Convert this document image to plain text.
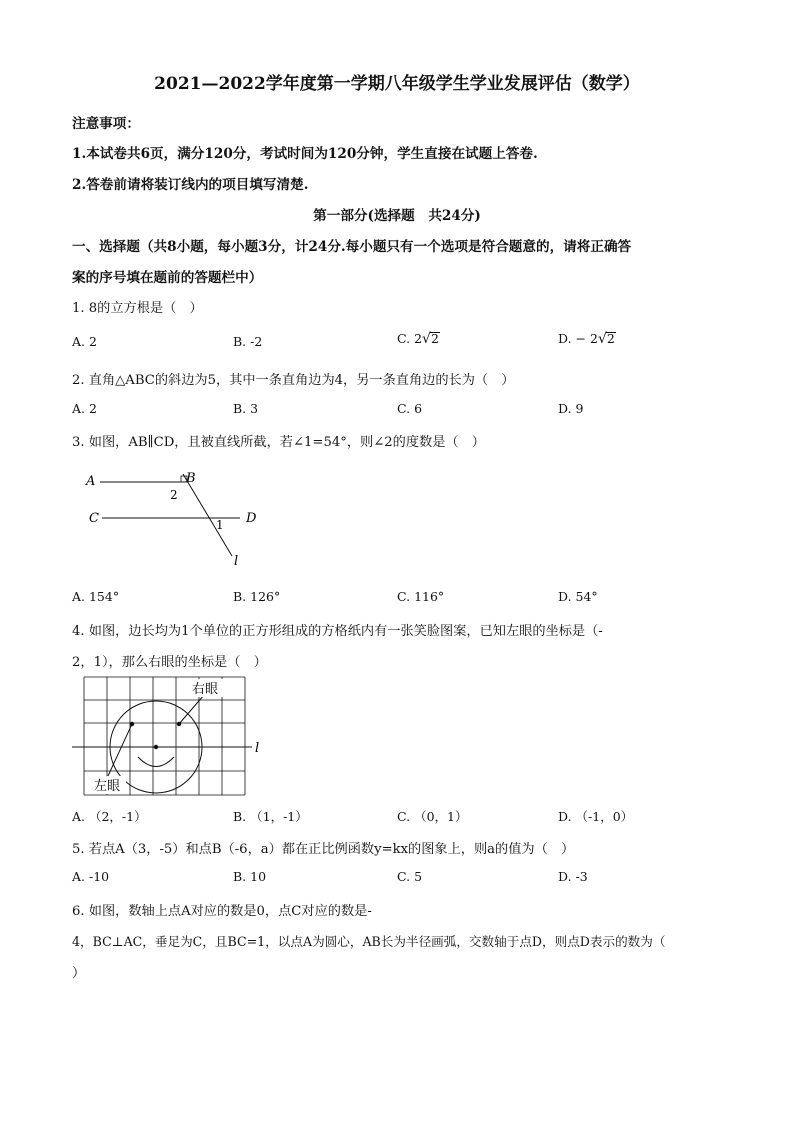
2021—2022学年度第一学期八年级学生学业发展评估（数学）
注意事项：
1.本试卷共6页，满分120分，考试时间为120分钟，学生直接在试题上答卷.
2.答卷前请将装订线内的项目填写清楚.
第一部分(选择题　共24分)
一、选择题（共8小题，每小题3分，计24分.每小题只有一个选项是符合题意的，请将正确答
案的序号填在题前的答题栏中）
1. 8的立方根是（　）
A. 2	B. -2	C. 2√2	D. − 2√2
2. 直角△ABC的斜边为5，其中一条直角边为4，另一条直角边的长为（　）
A. 2	B. 3	C. 6	D. 9
3. 如图，AB∥CD，且被直线所截，若∠1=54°，则∠2的度数是（　）
A	B
2
C	D
1
l
A. 154°	B. 126°	C. 116°	D. 54°
4. 如图，边长均为1个单位的正方形组成的方格纸内有一张笑脸图案，已知左眼的坐标是（-
2，1），那么右眼的坐标是（　）
右眼
左眼
l
A. （2，-1）	B. （1，-1）	C. （0，1）	D. （-1，0）
5. 若点A（3，-5）和点B（-6，a）都在正比例函数y=kx的图象上，则a的值为（　）
A. -10	B. 10	C. 5	D. -3
6. 如图，数轴上点A对应的数是0，点C对应的数是-
4，BC⊥AC，垂足为C，且BC=1，以点A为圆心，AB长为半径画弧，交数轴于点D，则点D表示的数为（
）
